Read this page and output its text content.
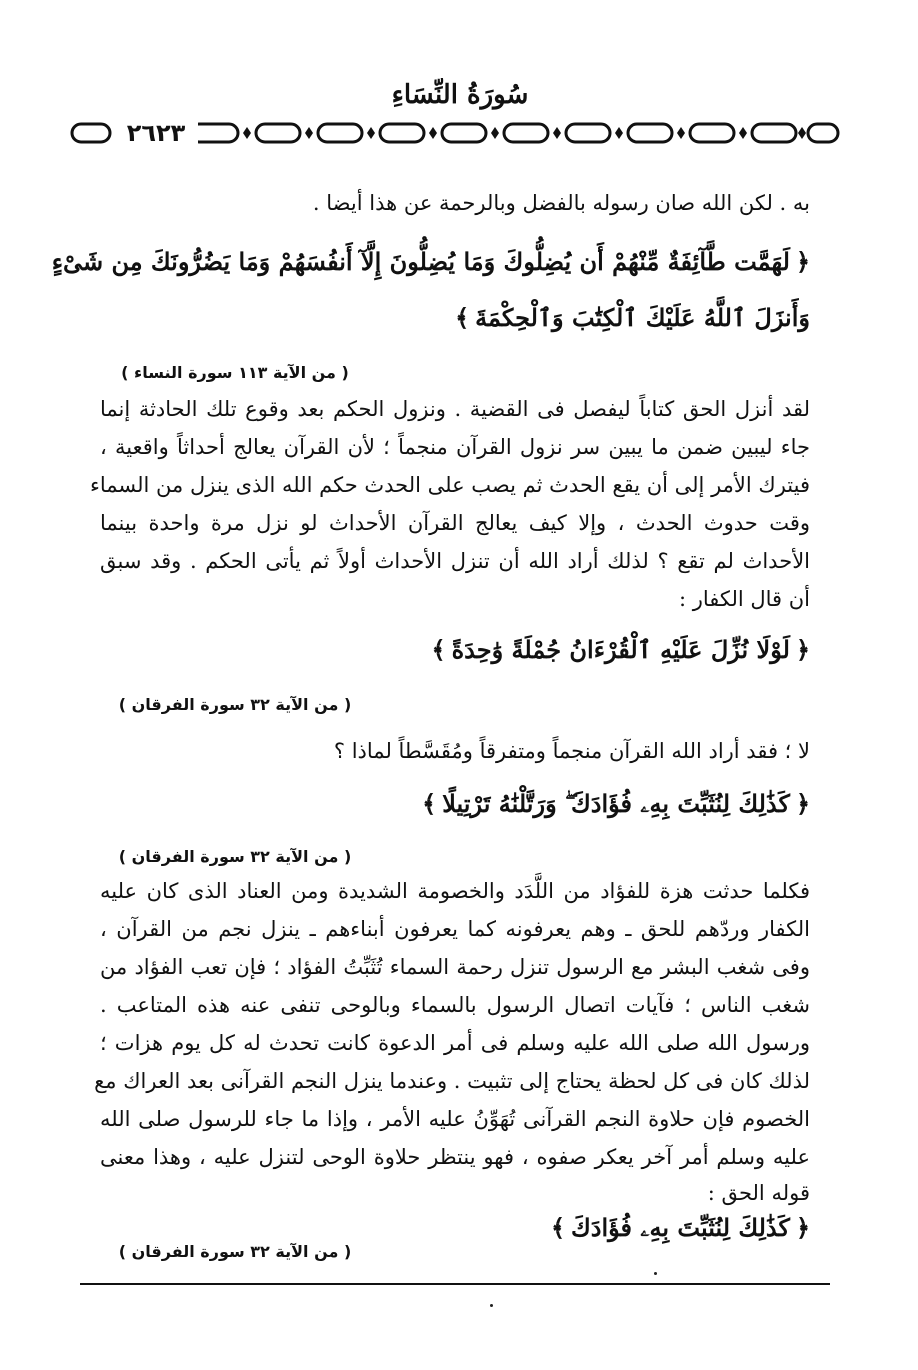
سُورَةُ النِّسَاءِ
٢٦٢٣
به . لكن الله صان رسوله بالفضل وبالرحمة عن هذا أيضا .
﴿ لَهَمَّت طَّآئِفَةٌ مِّنْهُمْ أَن يُضِلُّوكَ وَمَا يُضِلُّونَ إِلَّآ أَنفُسَهُمْ وَمَا يَضُرُّونَكَ مِن شَىْءٍ
وَأَنزَلَ ٱللَّهُ عَلَيْكَ ٱلْكِتَٰبَ وَٱلْحِكْمَةَ ﴾
( من الآية ١١٣ سورة النساء )
لقد أنزل الحق كتاباً ليفصل فى القضية . ونزول الحكم بعد وقوع تلك الحادثة إنما
جاء ليبين ضمن ما يبين سر نزول القرآن منجماً ؛ لأن القرآن يعالج أحداثاً واقعية ،
فيترك الأمر إلى أن يقع الحدث ثم يصب على الحدث حكم الله الذى ينزل من السماء
وقت حدوث الحدث ، وإلا كيف يعالج القرآن الأحداث لو نزل مرة واحدة بينما
الأحداث لم تقع ؟ لذلك أراد الله أن تنزل الأحداث أولاً ثم يأتى الحكم . وقد سبق
أن قال الكفار :
﴿ لَوْلَا نُزِّلَ عَلَيْهِ ٱلْقُرْءَانُ جُمْلَةً وَٰحِدَةً ﴾
( من الآية ٣٢ سورة الفرقان )
لا ؛ فقد أراد الله القرآن منجماً ومتفرقاً ومُقَسَّطاً لماذا ؟
﴿ كَذَٰلِكَ لِنُثَبِّتَ بِهِۦ فُؤَادَكَ ۖ وَرَتَّلْنَٰهُ تَرْتِيلًا ﴾
( من الآية ٣٢ سورة الفرقان )
فكلما حدثت هزة للفؤاد من اللَّدَد والخصومة الشديدة ومن العناد الذى كان عليه
الكفار وردّهم للحق ـ وهم يعرفونه كما يعرفون أبناءهم ـ ينزل نجم من القرآن ،
وفى شغب البشر مع الرسول تنزل رحمة السماء تُثَبِّتُ الفؤاد ؛ فإن تعب الفؤاد من
شغب الناس ؛ فآيات اتصال الرسول بالسماء وبالوحى تنفى عنه هذه المتاعب .
ورسول الله صلى الله عليه وسلم فى أمر الدعوة كانت تحدث له كل يوم هزات ؛
لذلك كان فى كل لحظة يحتاج إلى تثبيت . وعندما ينزل النجم القرآنى بعد العراك مع
الخصوم فإن حلاوة النجم القرآنى تُهَوِّنُ عليه الأمر ، وإذا ما جاء للرسول صلى الله
عليه وسلم أمر آخر يعكر صفوه ، فهو ينتظر حلاوة الوحى لتنزل عليه ، وهذا معنى
قوله الحق :
﴿ كَذَٰلِكَ لِنُثَبِّتَ بِهِۦ فُؤَادَكَ ﴾
( من الآية ٣٢ سورة الفرقان )
